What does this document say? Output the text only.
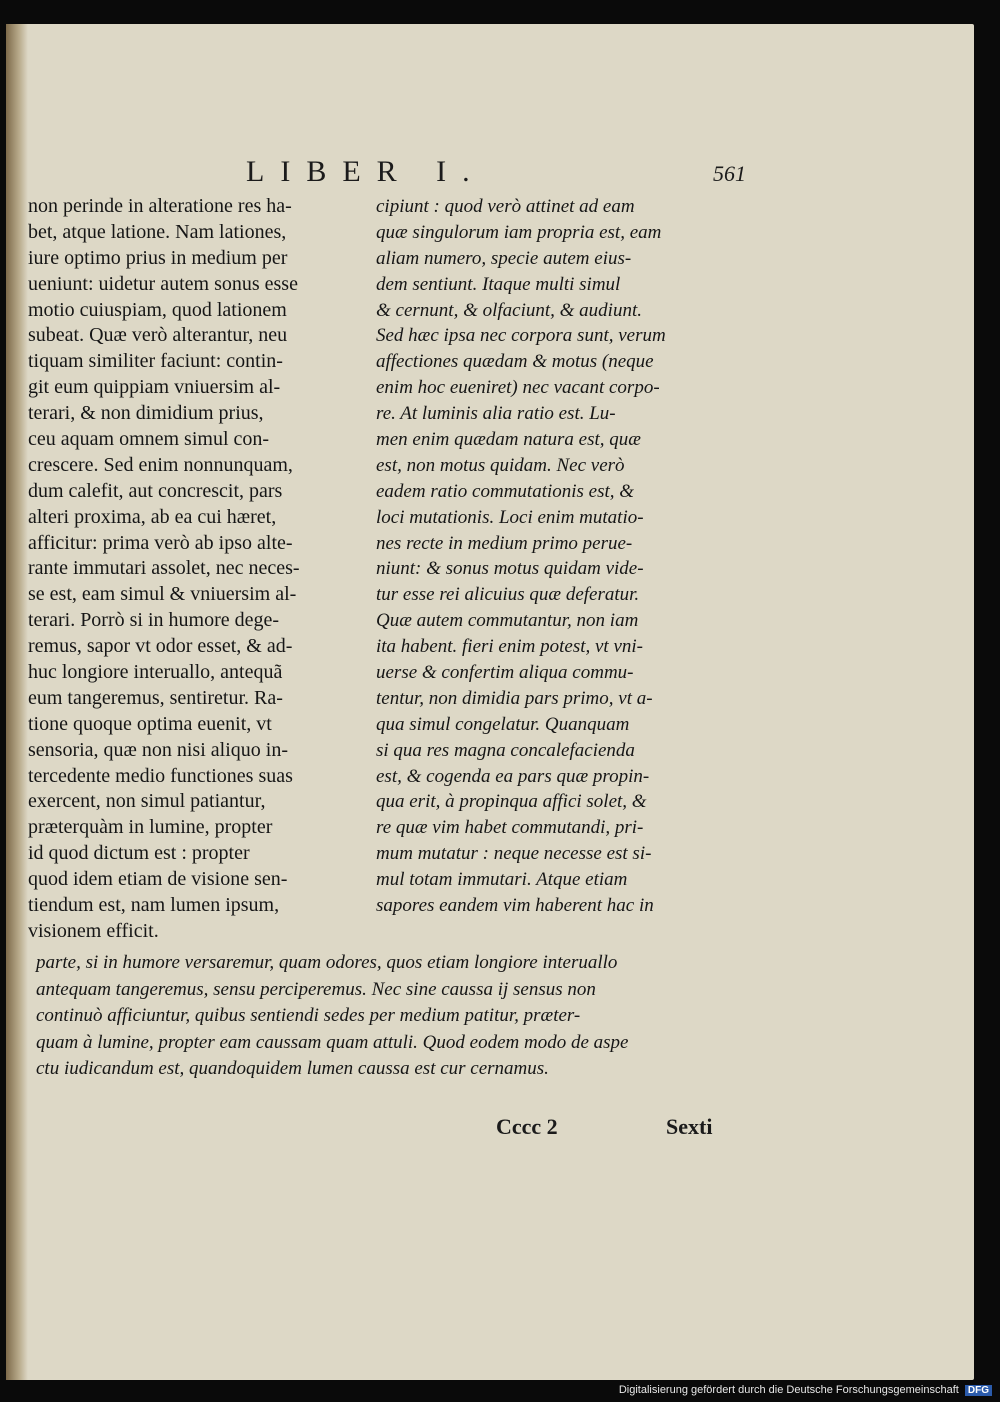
LIBER I.	561
non perinde in alteratione res ha-
bet, atque latione. Nam lationes,
iure optimo prius in medium per
ueniunt: uidetur autem sonus esse
motio cuiuspiam, quod lationem
subeat. Quæ verò alterantur, neu
tiquam similiter faciunt: contin-
git eum quippiam vniuersim al-
terari, & non dimidium prius,
ceu aquam omnem simul con-
crescere. Sed enim nonnunquam,
dum calefit, aut concrescit, pars
alteri proxima, ab ea cui hæret,
afficitur: prima verò ab ipso alte-
rante immutari assolet, nec neces-
se est, eam simul & vniuersim al-
terari. Porrò si in humore dege-
remus, sapor vt odor esset, & ad-
huc longiore interuallo, antequã
eum tangeremus, sentiretur. Ra-
tione quoque optima euenit, vt
sensoria, quæ non nisi aliquo in-
tercedente medio functiones suas
exercent, non simul patiantur,
præterquàm in lumine, propter
id quod dictum est : propter
quod idem etiam de visione sen-
tiendum est, nam lumen ipsum,
visionem efficit.
cipiunt : quod verò attinet ad eam
quæ singulorum iam propria est, eam
aliam numero, specie autem eius-
dem sentiunt. Itaque multi simul
& cernunt, & olfaciunt, & audiunt.
Sed hæc ipsa nec corpora sunt, verum
affectiones quædam & motus (neque
enim hoc eueniret) nec vacant corpo-
re. At luminis alia ratio est. Lu-
men enim quædam natura est, quæ
est, non motus quidam. Nec verò
eadem ratio commutationis est, &
loci mutationis. Loci enim mutatio-
nes recte in medium primo perue-
niunt: & sonus motus quidam vide-
tur esse rei alicuius quæ deferatur.
Quæ autem commutantur, non iam
ita habent. fieri enim potest, vt vni-
uerse & confertim aliqua commu-
tentur, non dimidia pars primo, vt a-
qua simul congelatur. Quanquam
si qua res magna concalefacienda
est, & cogenda ea pars quæ propin-
qua erit, à propinqua affici solet, &
re quæ vim habet commutandi, pri-
mum mutatur : neque necesse est si-
mul totam immutari. Atque etiam
sapores eandem vim haberent hac in
parte, si in humore versaremur, quam odores, quos etiam longiore interuallo
antequam tangeremus, sensu perciperemus. Nec sine caussa ij sensus non
continuò afficiuntur, quibus sentiendi sedes per medium patitur, præter-
quam à lumine, propter eam caussam quam attuli. Quod eodem modo de aspe
ctu iudicandum est, quandoquidem lumen caussa est cur cernamus.
Cccc 2	Sexti
Digitalisierung gefördert durch die Deutsche Forschungsgemeinschaft DFG
